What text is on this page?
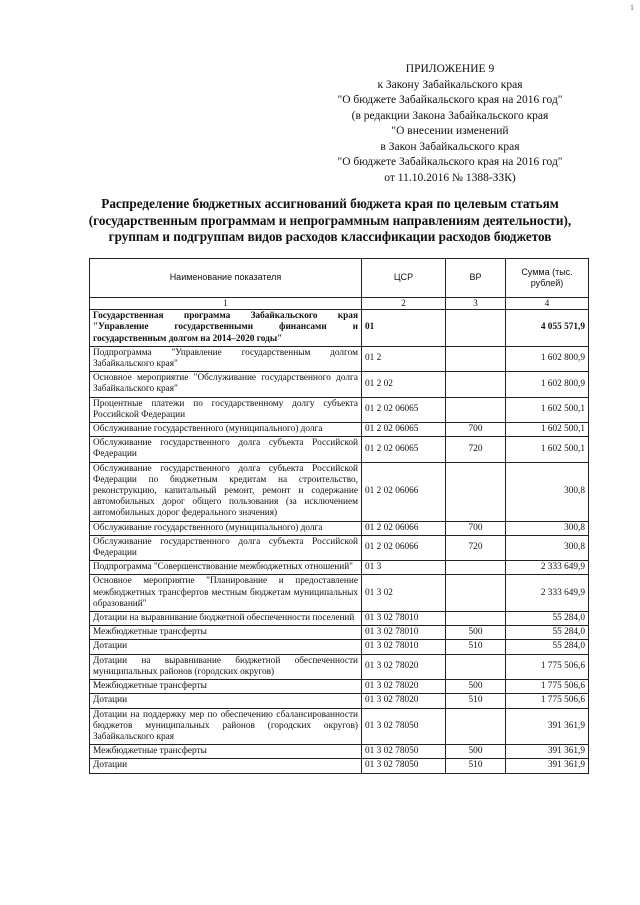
1
ПРИЛОЖЕНИЕ 9
к Закону Забайкальского края
"О бюджете Забайкальского края на 2016 год"
(в редакции Закона Забайкальского края
"О внесении изменений
в Закон Забайкальского края
"О бюджете Забайкальского края на 2016 год"
от 11.10.2016 № 1388-ЗЗК)
Распределение бюджетных ассигнований бюджета края по целевым статьям
(государственным программам и непрограммным направлениям деятельности),
группам и подгруппам видов расходов классификации расходов бюджетов
Наименование показателя	ЦСР	ВР	Сумма (тыс. рублей)
1	2	3	4
Государственная программа Забайкальского края "Управление государственными финансами и государственным долгом на 2014–2020 годы"	01		4 055 571,9
Подпрограмма "Управление государственным долгом Забайкальского края"	01 2		1 602 800,9
Основное мероприятие "Обслуживание государственного долга Забайкальского края"	01 2 02		1 602 800,9
Процентные платежи по государственному долгу субъекта Российской Федерации	01 2 02 06065		1 602 500,1
Обслуживание государственного (муниципального) долга	01 2 02 06065	700	1 602 500,1
Обслуживание государственного долга субъекта Российской Федерации	01 2 02 06065	720	1 602 500,1
Обслуживание государственного долга субъекта Российской Федерации по бюджетным кредитам на строительство, реконструкцию, капитальный ремонт, ремонт и содержание автомобильных дорог общего пользования (за исключением автомобильных дорог федерального значения)	01 2 02 06066		300,8
Обслуживание государственного (муниципального) долга	01 2 02 06066	700	300,8
Обслуживание государственного долга субъекта Российской Федерации	01 2 02 06066	720	300,8
Подпрограмма "Совершенствование межбюджетных отношений"	01 3		2 333 649,9
Основное мероприятие "Планирование и предоставление межбюджетных трансфертов местным бюджетам муниципальных образований"	01 3 02		2 333 649,9
Дотации на выравнивание бюджетной обеспеченности поселений	01 3 02 78010		55 284,0
Межбюджетные трансферты	01 3 02 78010	500	55 284,0
Дотации	01 3 02 78010	510	55 284,0
Дотации на выравнивание бюджетной обеспеченности муниципальных районов (городских округов)	01 3 02 78020		1 775 506,6
Межбюджетные трансферты	01 3 02 78020	500	1 775 506,6
Дотации	01 3 02 78020	510	1 775 506,6
Дотации на поддержку мер по обеспечению сбалансированности бюджетов муниципальных районов (городских округов) Забайкальского края	01 3 02 78050		391 361,9
Межбюджетные трансферты	01 3 02 78050	500	391 361,9
Дотации	01 3 02 78050	510	391 361,9
